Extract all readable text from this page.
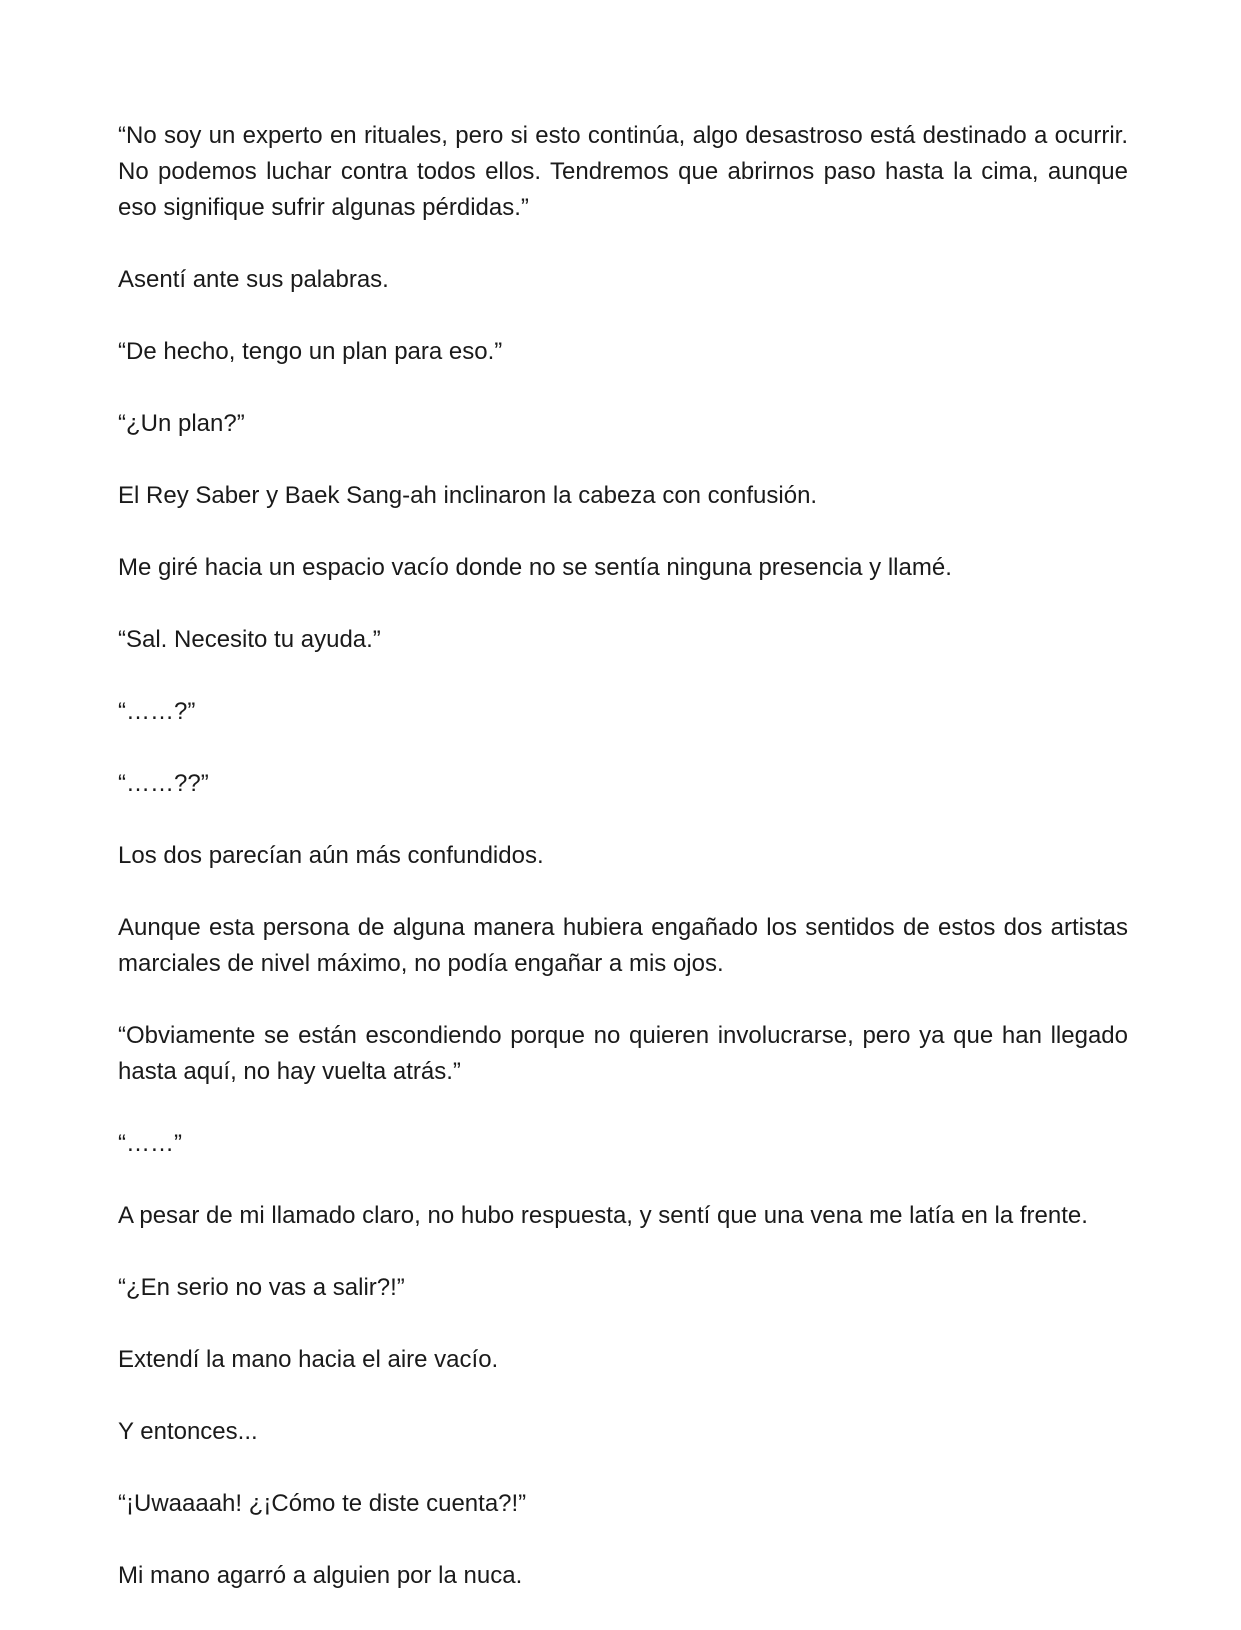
“No soy un experto en rituales, pero si esto continúa, algo desastroso está destinado a ocurrir. No podemos luchar contra todos ellos. Tendremos que abrirnos paso hasta la cima, aunque eso signifique sufrir algunas pérdidas.”

Asentí ante sus palabras.

“De hecho, tengo un plan para eso.”

“¿Un plan?”

El Rey Saber y Baek Sang-ah inclinaron la cabeza con confusión.

Me giré hacia un espacio vacío donde no se sentía ninguna presencia y llamé.

“Sal. Necesito tu ayuda.”

“……?”

“……??”

Los dos parecían aún más confundidos.

Aunque esta persona de alguna manera hubiera engañado los sentidos de estos dos artistas marciales de nivel máximo, no podía engañar a mis ojos.

“Obviamente se están escondiendo porque no quieren involucrarse, pero ya que han llegado hasta aquí, no hay vuelta atrás.”

“……”

A pesar de mi llamado claro, no hubo respuesta, y sentí que una vena me latía en la frente.

“¿En serio no vas a salir?!”

Extendí la mano hacia el aire vacío.

Y entonces...

“¡Uwaaaah! ¿¡Cómo te diste cuenta?!”

Mi mano agarró a alguien por la nuca.
